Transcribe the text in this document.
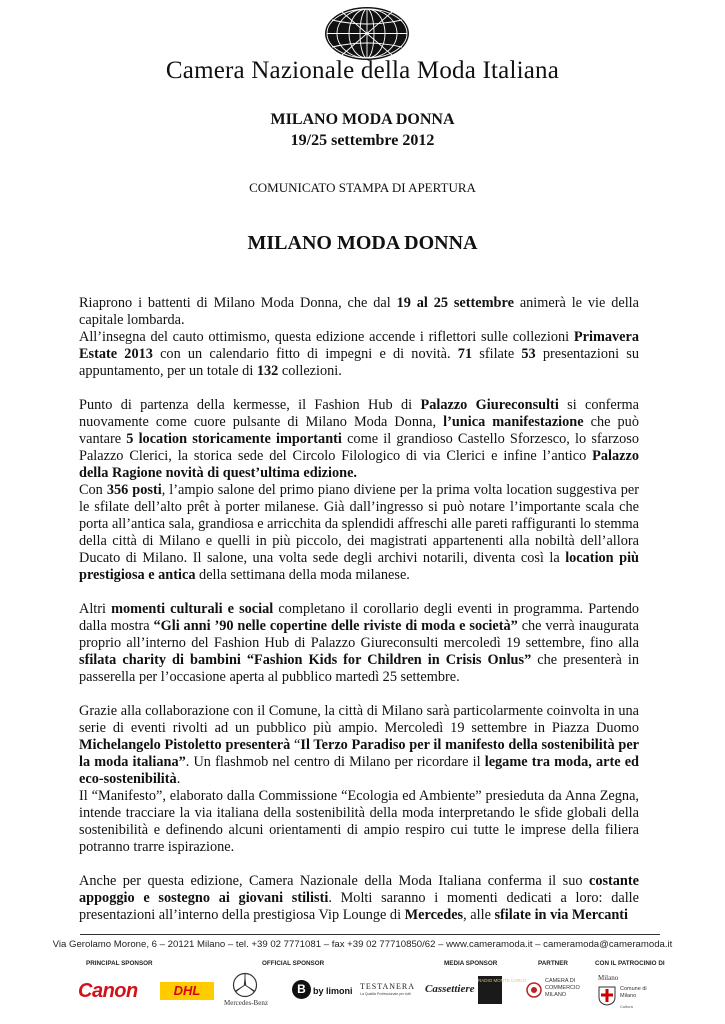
Camera Nazionale della Moda Italiana
MILANO MODA DONNA
19/25 settembre 2012
COMUNICATO STAMPA DI APERTURA
MILANO MODA DONNA

Riaprono i battenti di Milano Moda Donna, che dal 19 al 25 settembre animerà le vie della capitale lombarda.

All’insegna del cauto ottimismo, questa edizione accende i riflettori sulle collezioni Primavera Estate 2013 con un calendario fitto di impegni e di novità. 71 sfilate 53 presentazioni su appuntamento, per un totale di 132 collezioni.

Punto di partenza della kermesse, il Fashion Hub di Palazzo Giureconsulti si conferma nuovamente come cuore pulsante di Milano Moda Donna, l’unica manifestazione che può vantare 5 location storicamente importanti come il grandioso Castello Sforzesco, lo sfarzoso Palazzo Clerici, la storica sede del Circolo Filologico di via Clerici e infine l’antico Palazzo della Ragione novità di quest’ultima edizione.

Con 356 posti, l’ampio salone del primo piano diviene per la prima volta location suggestiva per le sfilate dell’alto prêt à porter milanese. Già dall’ingresso si può notare l’importante scala che porta all’antica sala, grandiosa e arricchita da splendidi affreschi alle pareti raffiguranti lo stemma della città di Milano e quelli in più piccolo, dei magistrati appartenenti alla nobiltà dell’allora Ducato di Milano. Il salone, una volta sede degli archivi notarili, diventa così la location più prestigiosa e antica della settimana della moda milanese.

Altri momenti culturali e social completano il corollario degli eventi in programma. Partendo dalla mostra “Gli anni ’90 nelle copertine delle riviste di moda e società” che verrà inaugurata proprio all’interno del Fashion Hub di Palazzo Giureconsulti mercoledì 19 settembre, fino alla sfilata charity di bambini “Fashion Kids for Children in Crisis Onlus” che presenterà in passerella per l’occasione aperta al pubblico martedì 25 settembre.

Grazie alla collaborazione con il Comune, la città di Milano sarà particolarmente coinvolta in una serie di eventi rivolti ad un pubblico più ampio. Mercoledì 19 settembre in Piazza Duomo Michelangelo Pistoletto presenterà “Il Terzo Paradiso per il manifesto della sostenibilità per la moda italiana”. Un flashmob nel centro di Milano per ricordare il legame tra moda, arte ed eco-sostenibilità.

Il “Manifesto”, elaborato dalla Commissione “Ecologia ed Ambiente” presieduta da Anna Zegna, intende tracciare la via italiana della sostenibilità della moda interpretando le sfide globali della sostenibilità e definendo alcuni orientamenti di ampio respiro cui tutte le imprese della filiera potranno trarre ispirazione.

Anche per questa edizione, Camera Nazionale della Moda Italiana conferma il suo costante appoggio e sostegno ai giovani stilisti. Molti saranno i momenti dedicati a loro: dalle presentazioni all’interno della prestigiosa Vip Lounge di Mercedes, alle sfilate in via Mercanti

Via Gerolamo Morone, 6 – 20121 Milano – tel. +39 02 7771081 – fax +39 02 77710850/62 – www.cameramoda.it – cameramoda@cameramoda.it
PRINCIPAL SPONSOR	OFFICIAL SPONSOR	MEDIA SPONSOR	PARTNER	CON IL PATROCINIO DI
Canon	DHL
Mercedes-Benz
B by limoni TESTANERA
La Qualità Professionale per tutti Cassettiere
RADIO MONTE CARLO	CAMERA DI COMMERCIO MILANO
Milano
Comune di Milano
Cultura
